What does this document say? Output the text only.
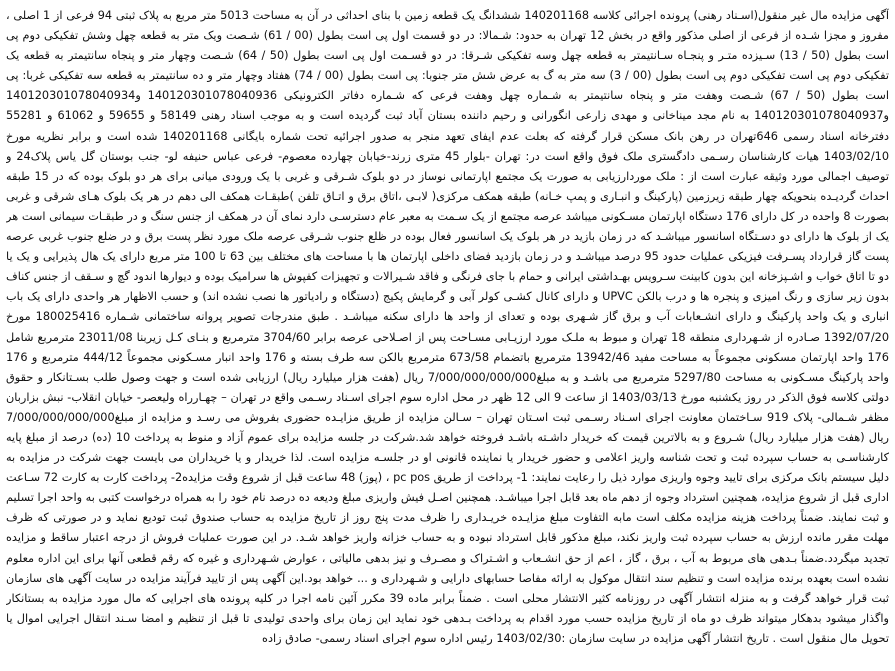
آگهی مزایده مال غیر منقول(اسـناد رهنی) پرونده اجرائی کلاسه 140201168 ششدانگ یک قطعه زمین با بنای احداثی در آن به مساحت 5013 متر مربع به پلاک ثبتی 94 فرعی از 1 اصلی ، مفروز و مجزا شـده از فرعی از اصلی مذکور واقع در بخش 12 تهران به حدود: شـمالا: در دو قسمت اول پی است بطول (00 / 61) شـصت ویک متر به قطعه چهل وشش تفکیکی دوم پی است بطول (50 / 13) سـیزده متـر و پنجـاه سـانتیمتر به قطعه چهل وسه تفکیکی شـرقا: در دو قسـمت اول پی است بطول (50 / 64) شـصت وچهار متر و پنجاه سانتیمتر به قطعه یک تفکیکی دوم پی است تفکیکی دوم پی است بطول (00 / 3) سه متر به گ به عرض شش متر جنوبا: پی است بطول (00 / 74) هفتاد وچهار متر و ده سانتیمتر به قطعه سه تفکیکی غربا: پی است بطول (50 / 67) شـصت وهفت متر و پنجاه سانتیمتر به شـماره چهل وهفت فرعی که شـماره دفاتر الکترونیکی 140120301078040936 و140120301078040934 و140120301078040937 به نام مجد میناخانی و مهدی زارعی انگورانی و رحیم داننده بستان آباد ثبت گردیده است و به موجب اسناد رهنی 58149 و 59655 و 61062 و 55281 دفترخانه اسناد رسمی 646تهران در رهن بانک مسکن قرار گرفته که بعلت عدم ایفای تعهد منجر به صدور اجرائیه تحت شماره بایگانی 140201168 شده است و برابر نظریه مورخ 1403/02/10 هیات کارشناسان رسـمی دادگستری ملک فوق واقع است در: تهران -بلوار 45 متری زرند-خیابان چهارده معصوم- فرعی عباس حنیفه لو- جنب بوستان گل یاس پلاک24 و توصیف اجمالی مورد وثیقه عبارت است از : ملک موردارزیابی به صورت یک مجتمع اپارتمانی نوساز در دو بلوک شـرقی و غربی با یک ورودی میانی برای هر دو بلوک بوده که در 15 طبقه احداث گردیـده بنحویکه چهار طبقه زیرزمین (پارکینگ و انبـاری و پمپ خـانه) طبقه همکف مرکزی( لابـی ،اتاق برق و اتـاق تلفن )طبقـات همکف الی دهم در هر یک بلوک هـای شرقی و غربی بصورت 8 واحده در کل دارای 176 دستگاه اپارتمان مسـکونی میباشد عرصه مجتمع از یک سـمت به معبر عام دسترسـی دارد نمای آن در همکف از جنس سنگ و در طبقـات سیمانی است هر یک از بلوک ها دارای دو دسـتگاه اسانسور میباشـد که در زمان بازید در هر بلوک یک اسانسور فعال بوده در ظلع جنوب شـرقی عرصه ملک مورد نظر پست برق و در ضلع جنوب غربی عرصه پست گاز قرارداد پسـرفت فیزیکی عملیات حدود 95 درصد میباشـد و در زمان بازدید فضای داخلی اپارتمان ها با مساحت های مختلف بین 63 تا 100 متر مربع دارای یک هال پذیرایی و یک یا دو تا اتاق خواب و اشـپزخانه این بدون کابینت سـرویس بهـداشتی ایرانی و حمام با جای فرنگی و فاقد شـیرالات و تجهیزات کفپوش ها سرامیک بوده و دیوارها اندود گچ و سـقف از جنس کناف بدون زیر سازی و رنگ امیزی و پنجره ها و درب بالکن UPVC و دارای کانال کشـی کولر آبی و گرمایش پکیج (دستگاه و رادیاتور ها نصب نشده اند) و حسب الاظهار هر واحدی دارای یک باب انباری و یک واحد پارکینگ و دارای انشـعابات آب و برق گاز شـهری بوده و تعدای از واحد ها دارای سکنه میباشـد . طبق مندرجات تصویر پروانه ساختمانی شـماره 180025416 مورخ 1392/07/20 صـادره از شـهرداری منطقه 18 تهران و مبوط به ملـک مورد ارزیـابی مسـاحت پس از اصـلاحی عرصه برابر 3704/60 مترمربع و بنـای کـل زیربنا 23011/08 مترمربع شامل 176 واحد اپارتمان مسکونی مجموعاً به مساحت مفید 13942/46 مترمربع باتضمام 673/58 مترمربع بالکن سه طرف بسته و 176 واحد انبار مسـکونی مجموعاً 444/12 مترمربع و 176 واحد پارکینگ مسـکونی به مساحت 5297/80 مترمربع می باشـد و به مبلغ7/000/000/000/000 ریال (هفت هزار میلیارد ریال) ارزیابی شده است و جهت وصول طلب بسـتانکار و حقوق دولتی کلاسه فوق الذکر در روز یکشنبه مورخ 1403/03/13 از ساعت 9 الی 12 ظهر در محل اداره سوم اجرای اسـناد رسـمی واقع در تهران – چهـارراه ولیعصر- خیابان انقلاب- نبش بزاربان مظفر شـمالی- پلاک 919 سـاختمان معاونت اجرای اسـناد رسـمی ثبت اسـتان تهران – سـالن مزایده از طریق مزایـده حضوری بفروش می رسـد و مزایده از مبلغ7/000/000/000/000 ریال (هفت هزار میلیارد ریال) شـروع و به بالاترین قیمت که خریدار داشـته باشـد فروخته خواهد شد.شرکت در جلسه مزایده برای عموم آزاد و منوط به پرداخت 10 (ده) درصد از مبلغ پایه کارشناسـی به حساب سپرده ثبت و تحت شناسه واریز اعلامی و حضور خریدار یا نماینده قانونی او در جلسـه مزایده است. لذا خریدار و یا خریداران می بایست جهت شرکت در مزایده به دلیل سیستم بانک مرکزی برای تایید وجوه واریزی موارد ذیل را رعایت نمایند: 1- پرداخت از طریق pc pos ، (پوز) 48 ساعت قبل از شروع وقت مزایده2- پرداخت کارت به کارت 72 سـاعت اداری قبل از شروع مزایده، همچنین استرداد وجوه از دهم ماه بعد قابل اجرا میباشـد. همچنین اصـل فیش واریزی مبلغ ودیعه ده درصد نام خود را به همراه درخواست کتبی به واحد اجرا تسلیم و ثبت نمایند. ضمناً پرداخت هزینه مزایده مکلف است مابه التفاوت مبلغ مزایـده خریـداری را ظرف مدت پنج روز از تاریخ مزایده به حساب صندوق ثبت تودیع نماید و در صورتی که ظرف مهلت مقرر مانده ارزش به حساب سپرده ثبت واریز نکند، مبلغ مذکور قابل استرداد نبوده و به حساب خزانه واریز خواهد شـد. در این صورت عملیات فروش از درجه اعتبار ساقط و مزایده تجدید میگردد.ضمناً بـدهی های مربوط به آب ، برق ، گاز ، اعم از حق انشـعاب و اشـتراک و مصـرف و نیز بدهی مالیاتی ، عوارض شـهرداری و غیره که رقم قطعی آنها برای این اداره معلوم نشده است بعهده برنده مزایده است و تنظیم سند انتقال موکول به ارائه مفاصا حسابهای دارایی و شـهرداری و ... خواهد بود.این آگهی پس از تایید فرآیند مزایده در سایت آگهی های سازمان ثبت قرار خواهد گرفت و به منزله انتشار آگهی در روزنامه کثیر الانتشار محلی است . ضمناً برابر ماده 39 مکرر آئین نامه اجرا در کلیه پرونده های اجرایی که مال مورد مزایده به بستانکار واگذار میشود بدهکار میتواند ظرف دو ماه از تاریخ مزایده حسب مورد اقدام به پرداخت بـدهی خود نماید این زمان برای واحدی تولیدی تا قبل از تنظیم و امضا سـند انتقال اجرایی اموال یا تحویل مال منقول است . تاریخ انتشار آگهی مزایده در سایت سازمان :1403/02/30 رئیس اداره سوم اجرای اسناد رسمی- صادق زاده
